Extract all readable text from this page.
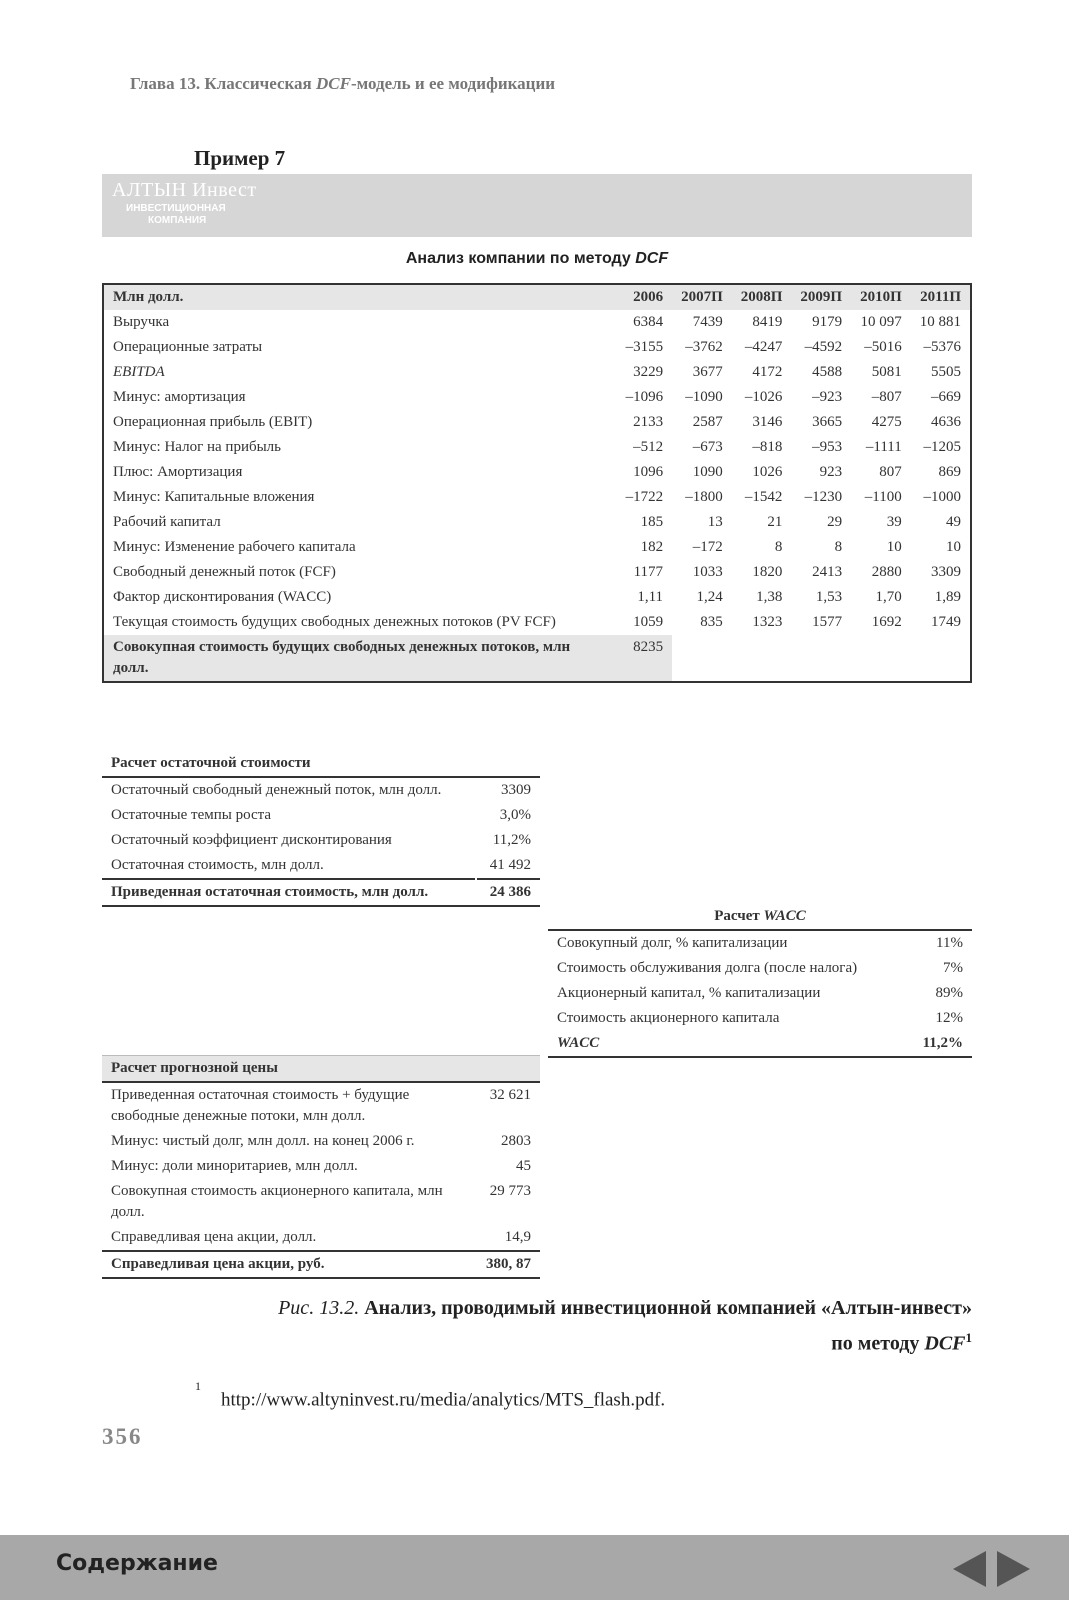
Глава 13. Классическая DCF-модель и ее модификации
Пример 7
АЛТЫН Инвест
ИНВЕСТИЦИОННАЯ
КОМПАНИЯ
Анализ компании по методу DCF
Млн долл.	2006	2007П	2008П	2009П	2010П	2011П
Выручка	6384	7439	8419	9179	10 097	10 881
Операционные затраты	–3155	–3762	–4247	–4592	–5016	–5376
EBITDA	3229	3677	4172	4588	5081	5505
Минус: амортизация	–1096	–1090	–1026	–923	–807	–669
Операционная прибыль (EBIT)	2133	2587	3146	3665	4275	4636
Минус: Налог на прибыль	–512	–673	–818	–953	–1111	–1205
Плюс: Амортизация	1096	1090	1026	923	807	869
Минус: Капитальные вложения	–1722	–1800	–1542	–1230	–1100	–1000
Рабочий капитал	185	13	21	29	39	49
Минус: Изменение рабочего капитала	182	–172	8	8	10	10
Свободный денежный поток (FCF)	1177	1033	1820	2413	2880	3309
Фактор дисконтирования (WACC)	1,11	1,24	1,38	1,53	1,70	1,89
Текущая стоимость будущих свободных денежных потоков (PV FCF)	1059	835	1323	1577	1692	1749
Совокупная стоимость будущих свободных денежных потоков, млн долл.	8235					
Расчет остаточной стоимости	
Остаточный свободный денежный поток, млн долл.	3309
Остаточные темпы роста	3,0%
Остаточный коэффициент дисконтирования	11,2%
Остаточная стоимость, млн долл.	41 492
Приведенная остаточная стоимость, млн долл.	24 386
Расчет WACC	
Совокупный долг, % капитализации	11%
Стоимость обслуживания долга (после налога)	7%
Акционерный капитал, % капитализации	89%
Стоимость акционерного капитала	12%
WACC	11,2%
Расчет прогнозной цены	
Приведенная остаточная стоимость + будущие свободные денежные потоки, млн долл.	32 621
Минус: чистый долг, млн долл. на конец 2006 г.	2803
Минус: доли миноритариев, млн долл.	45
Совокупная стоимость акционерного капитала, млн долл.	29 773
Справедливая цена акции, долл.	14,9
Справедливая цена акции, руб.	380, 87
Рис. 13.2. Анализ, проводимый инвестиционной компанией «Алтын-инвест»
по методу DCF$^1$
$^1$http://www.altyninvest.ru/media/analytics/MTS_flash.pdf.
356
Содержание
